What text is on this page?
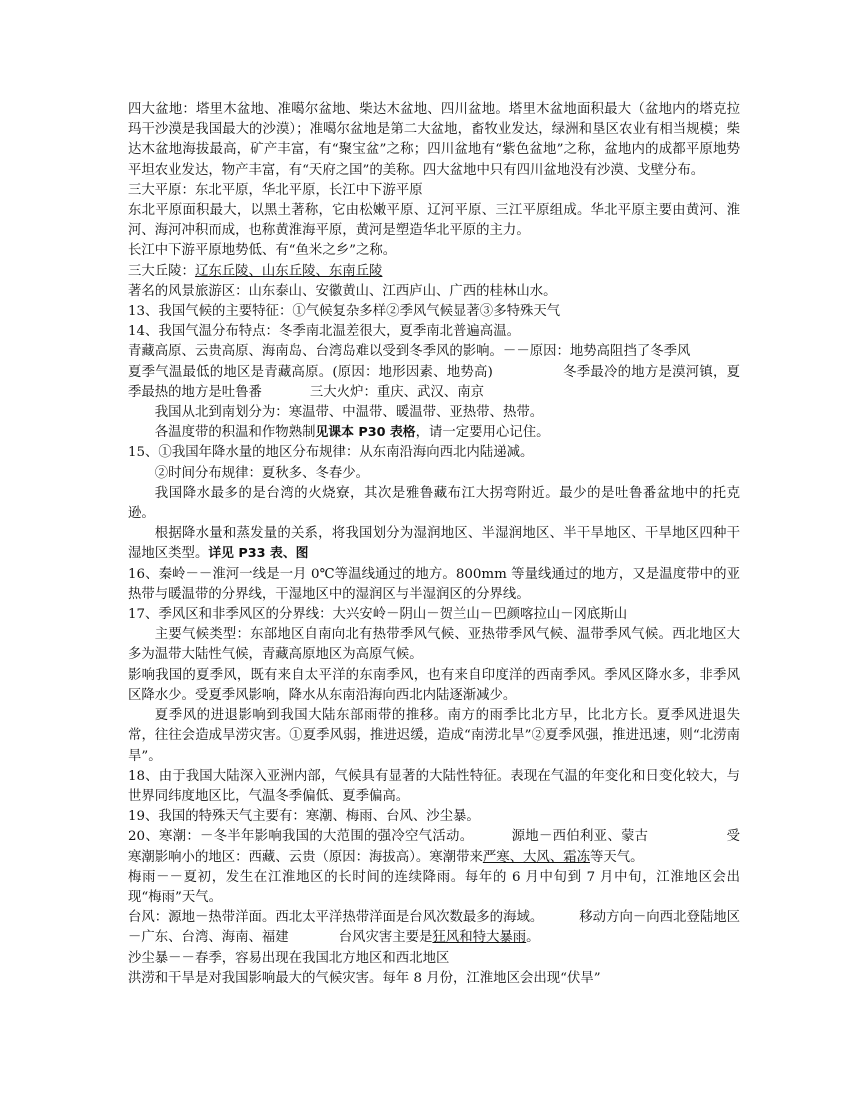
四大盆地：塔里木盆地、准噶尔盆地、柴达木盆地、四川盆地。塔里木盆地面积最大（盆地内的塔克拉玛干沙漠是我国最大的沙漠）；准噶尔盆地是第二大盆地，畜牧业发达，绿洲和垦区农业有相当规模；柴达木盆地海拔最高，矿产丰富，有“聚宝盆”之称；四川盆地有“紫色盆地”之称，盆地内的成都平原地势平坦农业发达，物产丰富，有“天府之国”的美称。四大盆地中只有四川盆地没有沙漠、戈壁分布。

三大平原：东北平原，华北平原，长江中下游平原

东北平原面积最大，以黑土著称，它由松嫩平原、辽河平原、三江平原组成。华北平原主要由黄河、淮河、海河冲积而成，也称黄淮海平原，黄河是塑造华北平原的主力。

长江中下游平原地势低、有“鱼米之乡”之称。

三大丘陵：辽东丘陵、山东丘陵、东南丘陵

著名的风景旅游区：山东泰山、安徽黄山、江西庐山、广西的桂林山水。

13、我国气候的主要特征：①气候复杂多样②季风气候显著③多特殊天气

14、我国气温分布特点：冬季南北温差很大，夏季南北普遍高温。

青藏高原、云贵高原、海南岛、台湾岛难以受到冬季风的影响。－－原因：地势高阻挡了冬季风

夏季气温最低的地区是青藏高原。(原因：地形因素、地势高)	冬季最冷的地方是漠河镇，夏季最热的地方是吐鲁番	三大火炉：重庆、武汉、南京

我国从北到南划分为：寒温带、中温带、暖温带、亚热带、热带。

各温度带的积温和作物熟制见课本 P30 表格，请一定要用心记住。

15、①我国年降水量的地区分布规律：从东南沿海向西北内陆递减。

②时间分布规律：夏秋多、冬春少。

我国降水最多的是台湾的火烧寮，其次是雅鲁藏布江大拐弯附近。最少的是吐鲁番盆地中的托克逊。

根据降水量和蒸发量的关系，将我国划分为湿润地区、半湿润地区、半干旱地区、干旱地区四种干湿地区类型。详见 P33 表、图

16、秦岭－－淮河一线是一月 0℃等温线通过的地方。800mm 等量线通过的地方，又是温度带中的亚热带与暖温带的分界线，干湿地区中的湿润区与半湿润区的分界线。

17、季风区和非季风区的分界线：大兴安岭－阴山－贺兰山－巴颜喀拉山－冈底斯山

主要气候类型：东部地区自南向北有热带季风气候、亚热带季风气候、温带季风气候。西北地区大多为温带大陆性气候，青藏高原地区为高原气候。

影响我国的夏季风，既有来自太平洋的东南季风，也有来自印度洋的西南季风。季风区降水多，非季风区降水少。受夏季风影响，降水从东南沿海向西北内陆逐渐减少。

夏季风的进退影响到我国大陆东部雨带的推移。南方的雨季比北方早，比北方长。夏季风进退失常，往往会造成旱涝灾害。①夏季风弱，推进迟缓，造成“南涝北旱”②夏季风强，推进迅速，则“北涝南旱”。

18、由于我国大陆深入亚洲内部，气候具有显著的大陆性特征。表现在气温的年变化和日变化较大，与世界同纬度地区比，气温冬季偏低、夏季偏高。

19、我国的特殊天气主要有：寒潮、梅雨、台风、沙尘暴。

20、寒潮：－冬半年影响我国的大范围的强冷空气活动。	源地－西伯利亚、蒙古	受寒潮影响小的地区：西藏、云贵（原因：海拔高）。寒潮带来严寒、大风、霜冻等天气。

梅雨－－夏初，发生在江淮地区的长时间的连续降雨。每年的 6 月中旬到 7 月中旬，江淮地区会出现“梅雨”天气。

台风：源地－热带洋面。西北太平洋热带洋面是台风次数最多的海域。	移动方向－向西北登陆地区－广东、台湾、海南、福建	台风灾害主要是狂风和特大暴雨。

沙尘暴－－春季，容易出现在我国北方地区和西北地区

洪涝和干旱是对我国影响最大的气候灾害。每年 8 月份，江淮地区会出现“伏旱”
